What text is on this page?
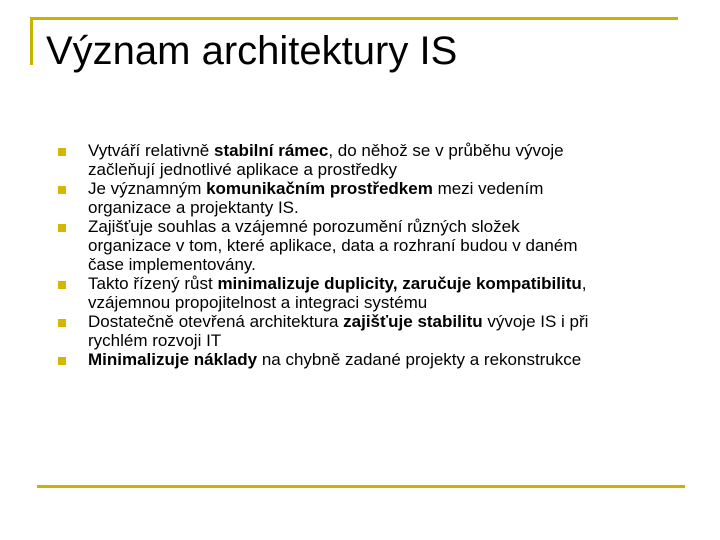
Význam architektury IS
Vytváří relativně stabilní rámec, do něhož se v průběhu vývoje
začleňují jednotlivé aplikace a prostředky
Je významným komunikačním prostředkem mezi vedením
organizace a projektanty IS.
Zajišťuje souhlas a vzájemné porozumění různých složek
organizace v tom, které aplikace, data a rozhraní budou v daném
čase implementovány.
Takto řízený růst minimalizuje duplicity, zaručuje kompatibilitu,
vzájemnou propojitelnost a integraci systému
Dostatečně otevřená architektura zajišťuje stabilitu vývoje IS i při
rychlém rozvoji IT
Minimalizuje náklady na chybně zadané projekty a rekonstrukce
